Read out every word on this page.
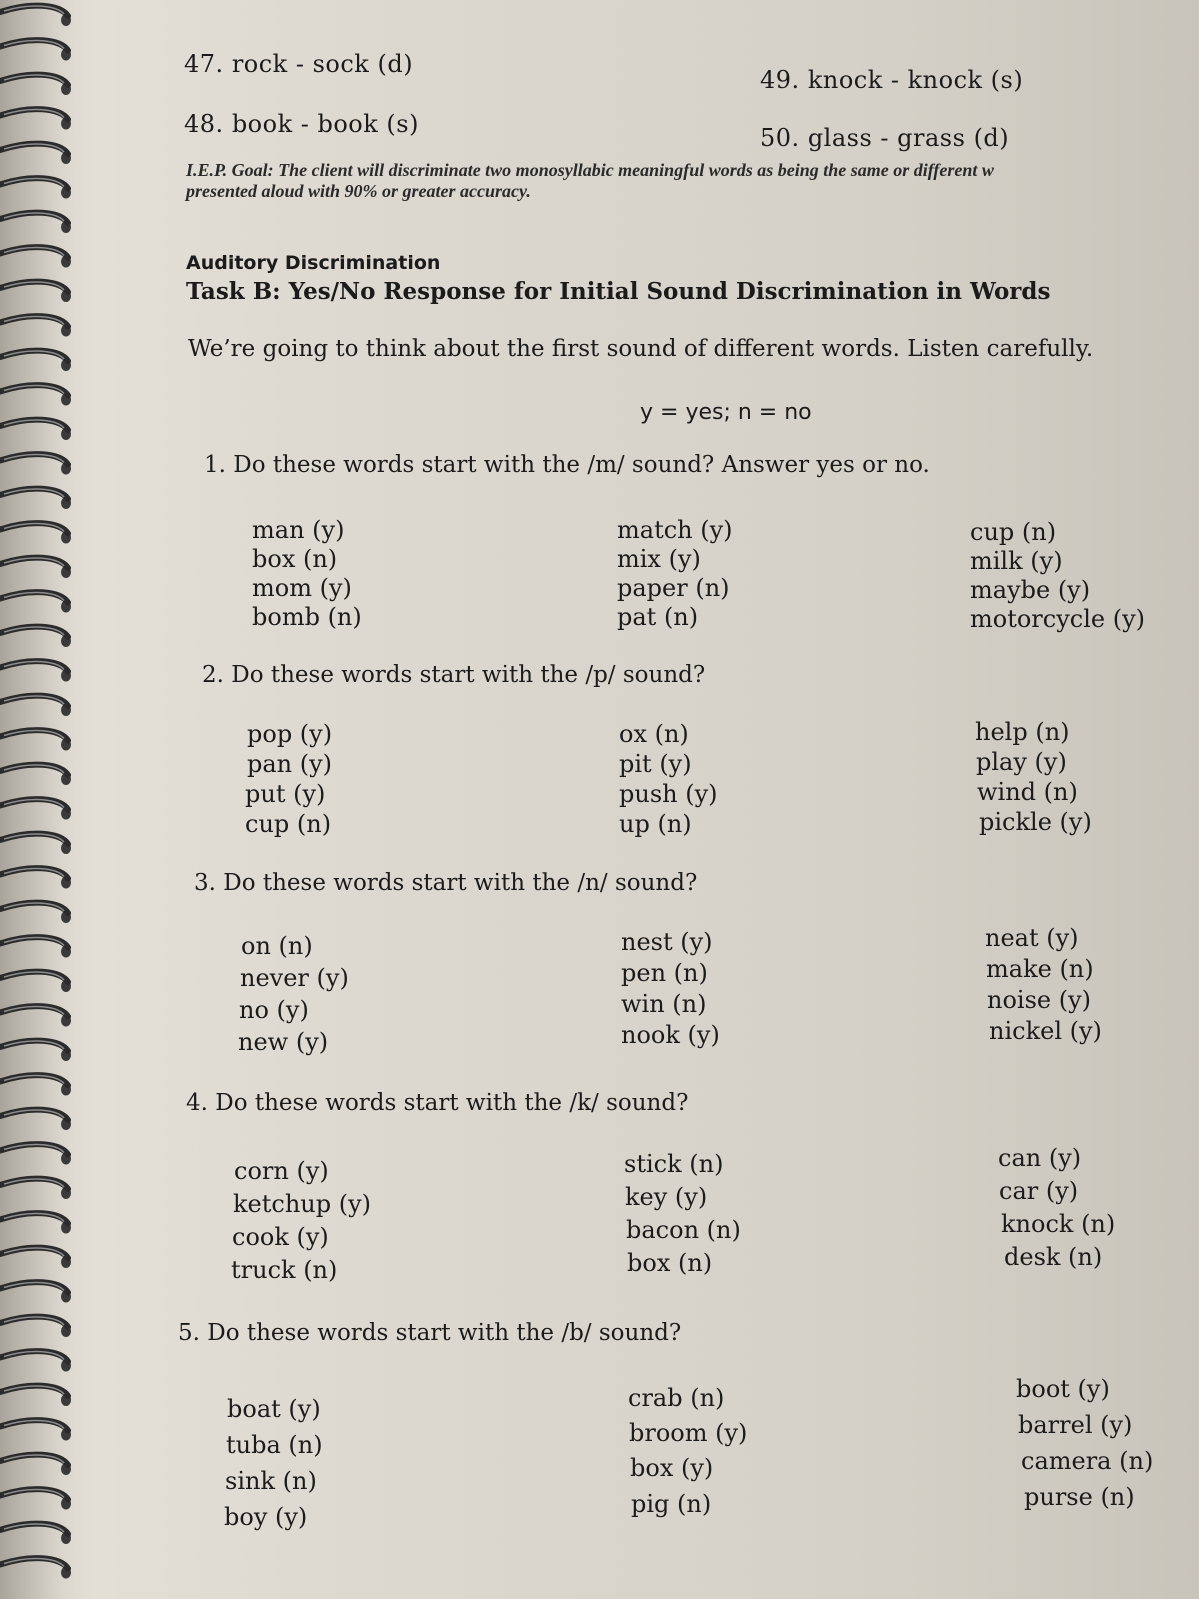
47. rock - sock (d)
48. book - book (s)
49. knock - knock (s)
50. glass - grass (d)
I.E.P. Goal: The client will discriminate two monosyllabic meaningful words as being the same or different w
presented aloud with 90% or greater accuracy.
Auditory Discrimination
Task B: Yes/No Response for Initial Sound Discrimination in Words
We’re going to think about the first sound of different words. Listen carefully.
y = yes; n = no
1. Do these words start with the /m/ sound? Answer yes or no.
man (y)
box (n)
mom (y)
bomb (n)
match (y)
mix (y)
paper (n)
pat (n)
cup (n)
milk (y)
maybe (y)
motorcycle (y)
2. Do these words start with the /p/ sound?
pop (y)
pan (y)
put (y)
cup (n)
ox (n)
pit (y)
push (y)
up (n)
help (n)
play (y)
wind (n)
pickle (y)
3. Do these words start with the /n/ sound?
on (n)
never (y)
no (y)
new (y)
nest (y)
pen (n)
win (n)
nook (y)
neat (y)
make (n)
noise (y)
nickel (y)
4. Do these words start with the /k/ sound?
corn (y)
ketchup (y)
cook (y)
truck (n)
stick (n)
key (y)
bacon (n)
box (n)
can (y)
car (y)
knock (n)
desk (n)
5. Do these words start with the /b/ sound?
boat (y)
tuba (n)
sink (n)
boy (y)
crab (n)
broom (y)
box (y)
pig (n)
boot (y)
barrel (y)
camera (n)
purse (n)
